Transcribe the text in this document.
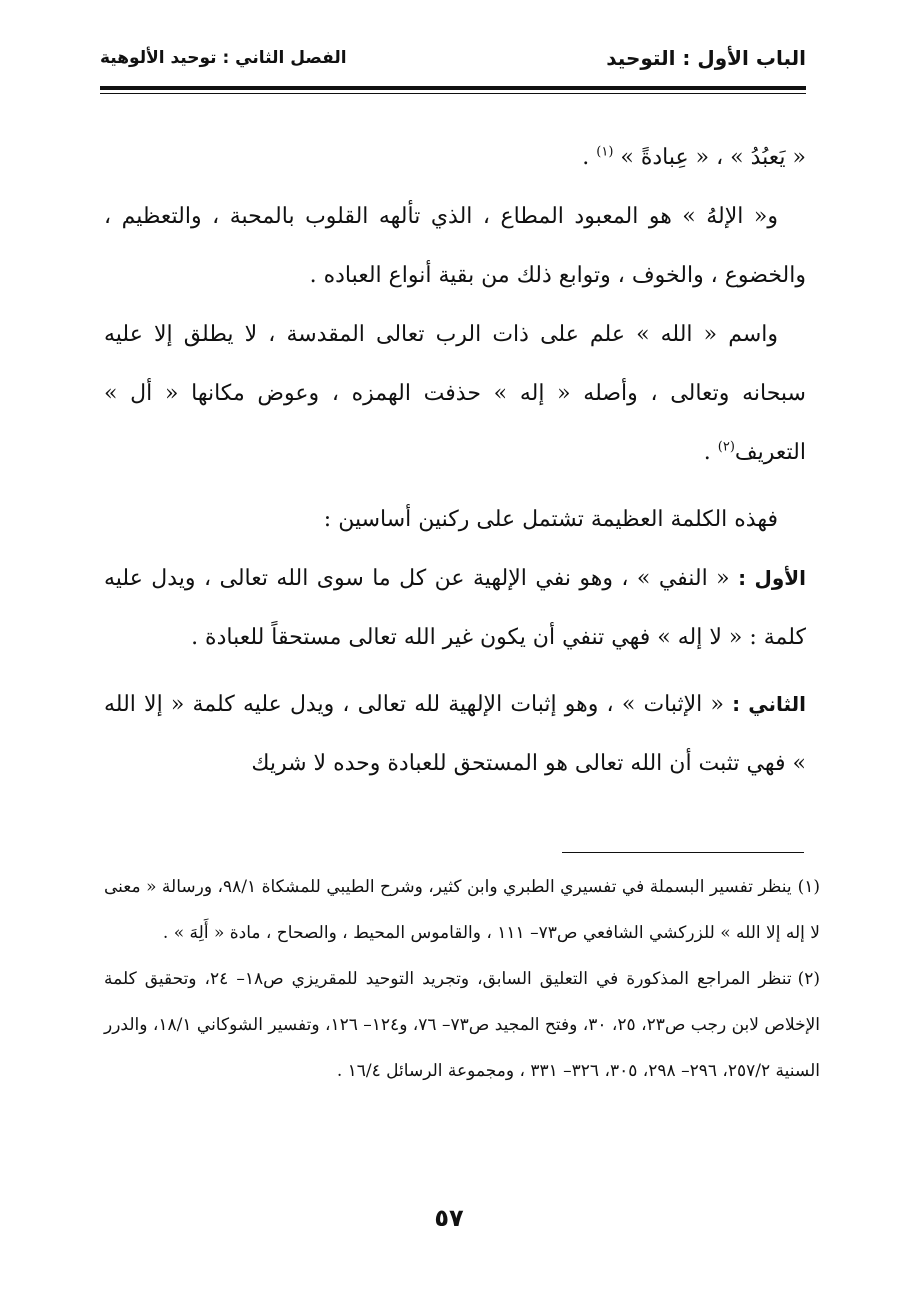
الباب الأول : التوحيد
الفصل الثاني : توحيد الألوهية

« يَعبُدُ » ، « عِبادةً » $^{(١)}$ .

و« الإلهُ » هو المعبود المطاع ، الذي تألهه القلوب بالمحبة ، والتعظيم ، والخضوع ، والخوف ، وتوابع ذلك من بقية أنواع العباده .

واسم « الله » علم على ذات الرب تعالى المقدسة ، لا يطلق إلا عليه سبحانه وتعالى ، وأصله « إله » حذفت الهمزه ، وعوض مكانها « أل » التعريف$^{(٢)}$ .

فهذه الكلمة العظيمة تشتمل على ركنين أساسين :

الأول : « النفي » ، وهو نفي الإلهية عن كل ما سوى الله تعالى ، ويدل عليه كلمة : « لا إله » فهي تنفي أن يكون غير الله تعالى مستحقاً للعبادة .

الثاني : « الإثبات » ، وهو إثبات الإلهية لله تعالى ، ويدل عليه كلمة « إلا الله » فهي تثبت أن الله تعالى هو المستحق للعبادة وحده لا شريك

(١)ينظر تفسير البسملة في تفسيري الطبري وابن كثير، وشرح الطيبي للمشكاة ٩٨/١، ورسالة « معنى لا إله إلا الله » للزركشي الشافعي ص٧٣– ١١١ ، والقاموس المحيط ، والصحاح ، مادة « أَلِهَ » .

(٢)تنظر المراجع المذكورة في التعليق السابق، وتجريد التوحيد للمقريزي ص١٨– ٢٤، وتحقيق كلمة الإخلاص لابن رجب ص٢٣، ٢٥، ٣٠، وفتح المجيد ص٧٣– ٧٦، و١٢٤– ١٢٦، وتفسير الشوكاني ١٨/١، والدرر السنية ٢٥٧/٢، ٢٩٦– ٢٩٨، ٣٠٥، ٣٢٦– ٣٣١ ، ومجموعة الرسائل ١٦/٤ .

٥٧
